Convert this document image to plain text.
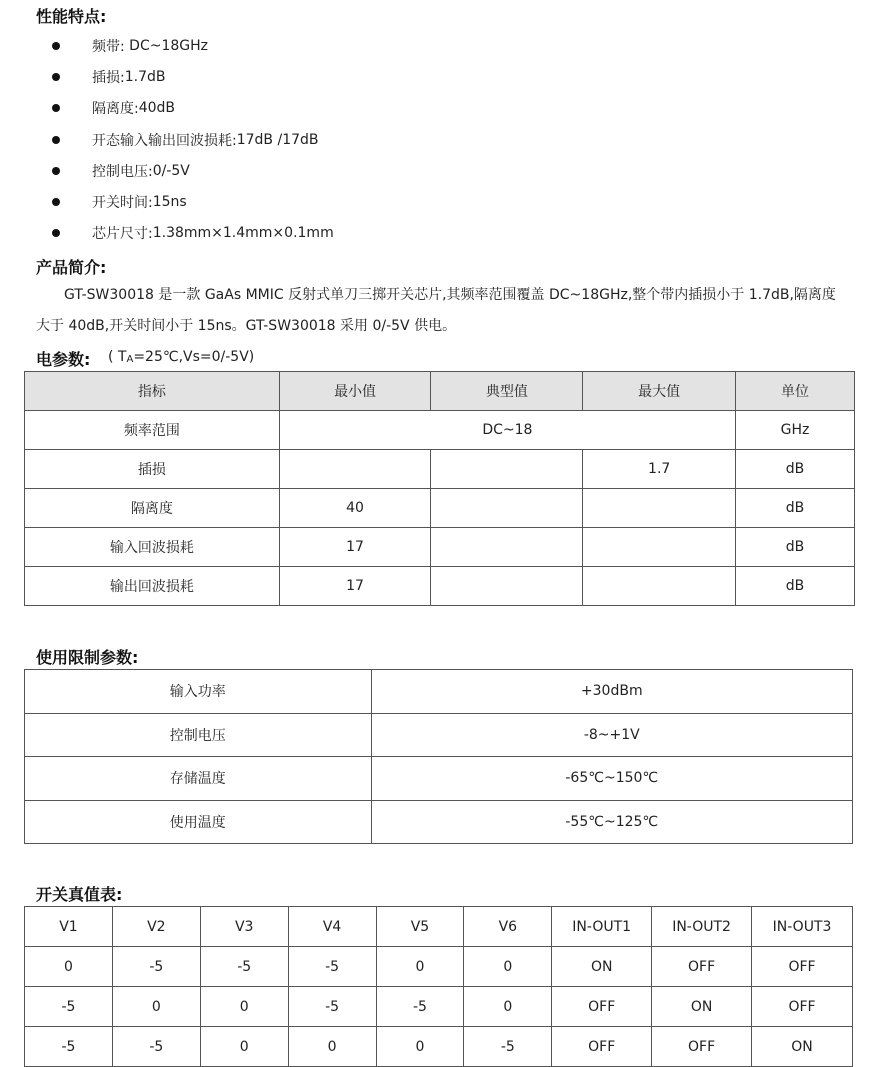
性能特点:
频带: DC~18GHz
插损: 1.7dB
隔离度: 40dB
开态输入输出回波损耗: 17dB /17dB
控制电压: 0/-5V
开关时间: 15ns
芯片尺寸: 1.38mm×1.4mm×0.1mm
产品简介:
GT-SW30018 是一款 GaAs MMIC 反射式单刀三掷开关芯片,其频率范围覆盖 DC~18GHz,整个带内插损小于 1.7dB,隔离度大于 40dB,开关时间小于 15ns。GT-SW30018 采用 0/-5V 供电。
电参数: ( $T_A=25℃,Vs=0/-5V$)
指标	最小值	典型值	最大值	单位
频率范围	DC~18			GHz
插损			1.7	dB
隔离度	40			dB
输入回波损耗	17			dB
输出回波损耗	17			dB
使用限制参数:
输入功率	+30dBm
控制电压	-8~+1V
存储温度	-65℃~150℃
使用温度	-55℃~125℃
开关真值表:
V1	V2	V3	V4	V5	V6	IN-OUT1	IN-OUT2	IN-OUT3
0	-5	-5	-5	0	0	ON	OFF	OFF
-5	0	0	-5	-5	0	OFF	ON	OFF
-5	-5	0	0	0	-5	OFF	OFF	ON
